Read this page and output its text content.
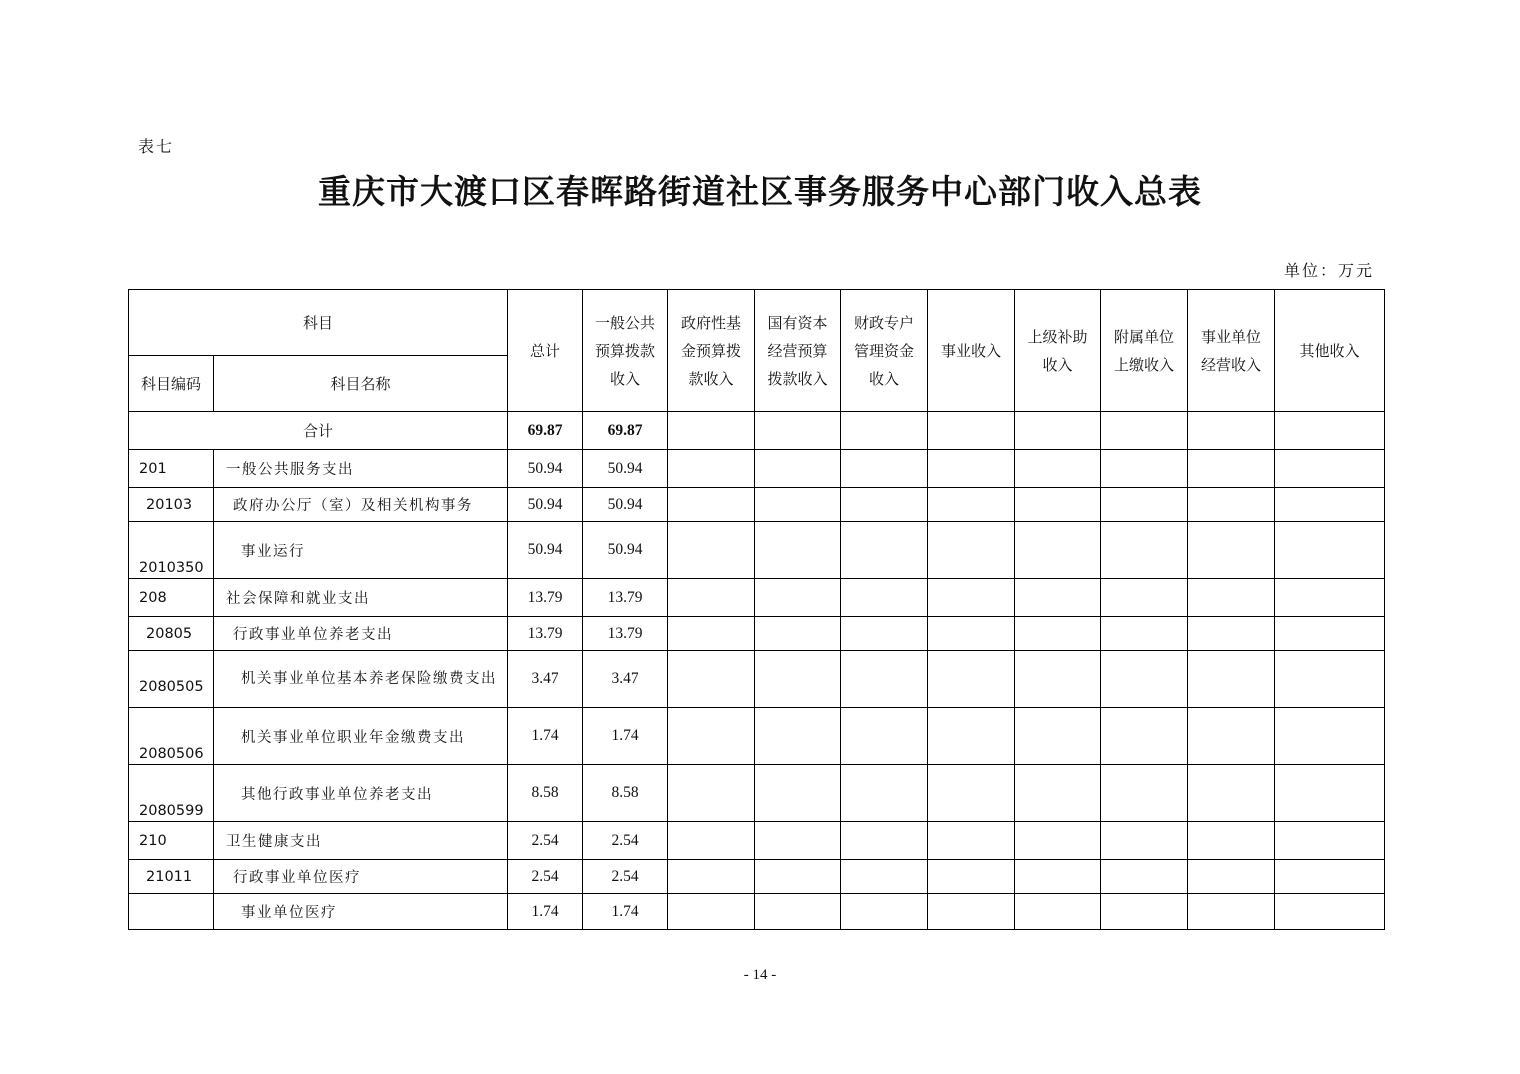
表七
重庆市大渡口区春晖路街道社区事务服务中心部门收入总表
单位：万元
科目		总计	一般公共预算拨款收入	政府性基金预算拨款收入	国有资本经营预算拨款收入	财政专户管理资金收入	事业收入	上级补助收入	附属单位上缴收入	事业单位经营收入	其他收入
科目编码	科目名称										
合计		69.87	69.87								
201	一般公共服务支出	50.94	50.94								
20103	政府办公厅（室）及相关机构事务	50.94	50.94								
2010350	事业运行	50.94	50.94								
208	社会保障和就业支出	13.79	13.79								
20805	行政事业单位养老支出	13.79	13.79								
2080505	机关事业单位基本养老保险缴费支出	3.47	3.47								
2080506	机关事业单位职业年金缴费支出	1.74	1.74								
2080599	其他行政事业单位养老支出	8.58	8.58								
210	卫生健康支出	2.54	2.54								
21011	行政事业单位医疗	2.54	2.54								
	事业单位医疗	1.74	1.74								
- 14 -
